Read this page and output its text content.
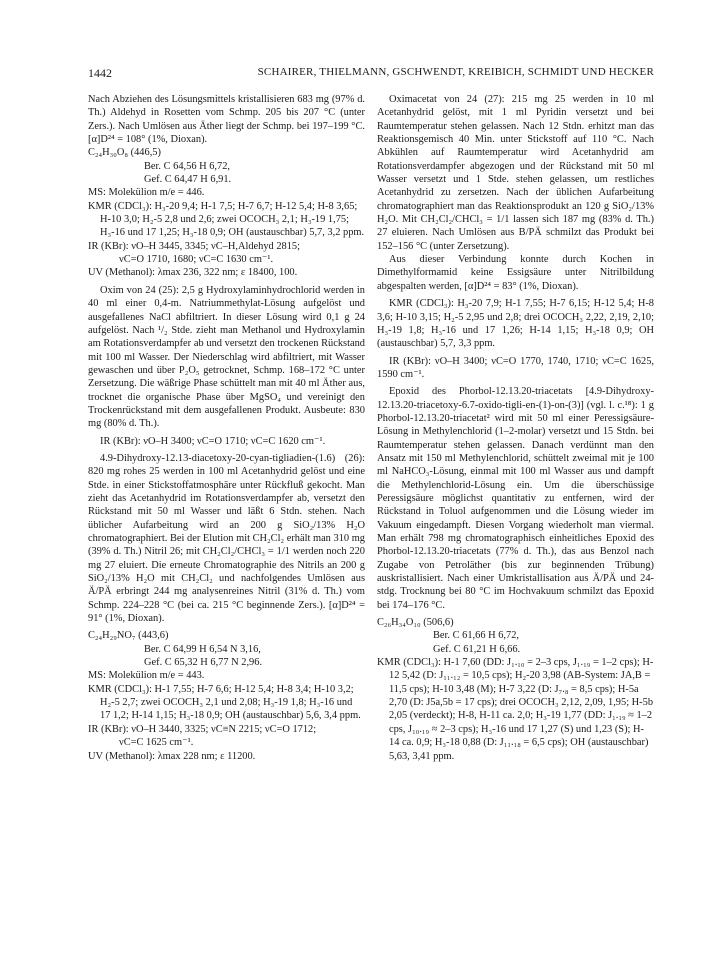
1442	SCHAIRER, THIELMANN, GSCHWENDT, KREIBICH, SCHMIDT UND HECKER

Nach Abziehen des Lösungsmittels kristallisieren 683 mg (97% d. Th.) Aldehyd in Rosetten vom Schmp. 205 bis 207 °C (unter Zers.). Nach Umlösen aus Äther liegt der Schmp. bei 197–199 °C. [α]D²⁴ = 108° (1%, Dioxan).

C₂₄H₃₀O₈ (446,5)

Ber. C 64,56 H 6,72,

Gef. C 64,47 H 6,91.

MS: Molekülion m/e = 446.

KMR (CDCl₃): H₃-20 9,4; H-1 7,5; H-7 6,7; H-12 5,4; H-8 3,65; H-10 3,0; H₂-5 2,8 und 2,6; zwei OCOCH₃ 2,1; H₃-19 1,75; H₃-16 und 17 1,25; H₃-18 0,9; OH (austauschbar) 5,7, 3,2 ppm.

IR (KBr): νO–H 3445, 3345; νC–H,Aldehyd 2815;

νC=O 1710, 1680; νC=C 1630 cm⁻¹.

UV (Methanol): λmax 236, 322 nm; ε 18400, 100.

Oxim von 24 (25): 2,5 g Hydroxylaminhydrochlorid werden in 40 ml einer 0,4-m. Natriummethylat-Lösung aufgelöst und ausgefallenes NaCl abfiltriert. In dieser Lösung wird 0,1 g 24 aufgelöst. Nach ¹/₂ Stde. zieht man Methanol und Hydroxylamin am Rotationsverdampfer ab und versetzt den trockenen Rückstand mit 100 ml Wasser. Der Niederschlag wird abfiltriert, mit Wasser gewaschen und über P₂O₅ getrocknet, Schmp. 168–172 °C unter Zersetzung. Die wäßrige Phase schüttelt man mit 40 ml Äther aus, trocknet die organische Phase über MgSO₄ und vereinigt den Trockenrückstand mit dem ausgefallenen Produkt. Ausbeute: 830 mg (80% d. Th.).

IR (KBr): νO–H 3400; νC=O 1710; νC=C 1620 cm⁻¹.

4.9-Dihydroxy-12.13-diacetoxy-20-cyan-tigliadien-(1.6) (26): 820 mg rohes 25 werden in 100 ml Acetanhydrid gelöst und eine Stde. in einer Stickstoffatmosphäre unter Rückfluß gekocht. Man zieht das Acetanhydrid im Rotationsverdampfer ab, versetzt den Rückstand mit 50 ml Wasser und läßt 6 Stdn. stehen. Nach üblicher Aufarbeitung wird an 200 g SiO₂/13% H₂O chromatographiert. Bei der Elution mit CH₂Cl₂ erhält man 310 mg (39% d. Th.) Nitril 26; mit CH₂Cl₂/CHCl₃ = 1/1 werden noch 220 mg 27 eluiert. Die erneute Chromatographie des Nitrils an 200 g SiO₂/13% H₂O mit CH₂Cl₂ und nachfolgendes Umlösen aus Ä/PÄ erbringt 244 mg analysenreines Nitril (31% d. Th.) vom Schmp. 224–228 °C (bei ca. 215 °C beginnende Zers.). [α]D²⁴ = 91° (1%, Dioxan).

C₂₄H₂₉NO₇ (443,6)

Ber. C 64,99 H 6,54 N 3,16,

Gef. C 65,32 H 6,77 N 2,96.

MS: Molekülion m/e = 443.

KMR (CDCl₃): H-1 7,55; H-7 6,6; H-12 5,4; H-8 3,4; H-10 3,2; H₂-5 2,7; zwei OCOCH₃ 2,1 und 2,08; H₃-19 1,8; H₃-16 und 17 1,2; H-14 1,15; H₃-18 0,9; OH (austauschbar) 5,6, 3,4 ppm.

IR (KBr): νO–H 3440, 3325; νC≡N 2215; νC=O 1712;

νC=C 1625 cm⁻¹.

UV (Methanol): λmax 228 nm; ε 11200.

Oximacetat von 24 (27): 215 mg 25 werden in 10 ml Acetanhydrid gelöst, mit 1 ml Pyridin versetzt und bei Raumtemperatur stehen gelassen. Nach 12 Stdn. erhitzt man das Reaktionsgemisch 40 Min. unter Stickstoff auf 110 °C. Nach Abkühlen auf Raumtemperatur wird Acetanhydrid am Rotationsverdampfer abgezogen und der Rückstand mit 50 ml Wasser versetzt und 1 Stde. stehen gelassen, um restliches Acetanhydrid zu zersetzen. Nach der üblichen Aufarbeitung chromatographiert man das Reaktionsprodukt an 120 g SiO₂/13% H₂O. Mit CH₂Cl₂/CHCl₃ = 1/1 lassen sich 187 mg (83% d. Th.) 27 eluieren. Nach Umlösen aus B/PÄ schmilzt das Produkt bei 152–156 °C (unter Zersetzung).

Aus dieser Verbindung konnte durch Kochen in Dimethylformamid keine Essigsäure unter Nitrilbildung abgespalten werden, [α]D²⁴ = 83° (1%, Dioxan).

KMR (CDCl₃): H₃-20 7,9; H-1 7,55; H-7 6,15; H-12 5,4; H-8 3,6; H-10 3,15; H₂-5 2,95 und 2,8; drei OCOCH₃ 2,22, 2,19, 2,10; H₃-19 1,8; H₃-16 und 17 1,26; H-14 1,15; H₃-18 0,9; OH (austauschbar) 5,7, 3,3 ppm.

IR (KBr): νO–H 3400; νC=O 1770, 1740, 1710; νC=C 1625, 1590 cm⁻¹.

Epoxid des Phorbol-12.13.20-triacetats [4.9-Dihydroxy-12.13.20-triacetoxy-6.7-oxido-tigli-en-(1)-on-(3)] (vgl. l. c.¹⁸): 1 g Phorbol-12.13.20-triacetat² wird mit 50 ml einer Peressigsäure-Lösung in Methylenchlorid (1–2-molar) versetzt und 15 Stdn. bei Raumtemperatur stehen gelassen. Danach verdünnt man den Ansatz mit 150 ml Methylenchlorid, schüttelt zweimal mit je 100 ml NaHCO₃-Lösung, einmal mit 100 ml Wasser aus und dampft die Methylenchlorid-Lösung ein. Um die überschüssige Peressigsäure möglichst quantitativ zu entfernen, wird der Rückstand in Toluol aufgenommen und die Lösung wieder im Vakuum eingedampft. Diesen Vorgang wiederholt man viermal. Man erhält 798 mg chromatographisch einheitliches Epoxid des Phorbol-12.13.20-triacetats (77% d. Th.), das aus Benzol nach Zugabe von Petroläther (bis zur beginnenden Trübung) auskristallisiert. Nach einer Umkristallisation aus Ä/PÄ und 24-stdg. Trocknung bei 80 °C im Hochvakuum schmilzt das Epoxid bei 174–176 °C.

C₂₆H₃₄O₁₀ (506,6)

Ber. C 61,66 H 6,72,

Gef. C 61,21 H 6,66.

KMR (CDCl₃): H-1 7,60 (DD: J₁.₁₀ = 2–3 cps, J₁.₁₉ = 1–2 cps); H-12 5,42 (D: J₁₁.₁₂ = 10,5 cps); H₂-20 3,98 (AB-System: JA,B = 11,5 cps); H-10 3,48 (M); H-7 3,22 (D: J₇.₈ = 8,5 cps); H-5a 2,70 (D: J5a,5b = 17 cps); drei OCOCH₃ 2,12, 2,09, 1,95; H-5b 2,05 (verdeckt); H-8, H-11 ca. 2,0; H₃-19 1,77 (DD: J₁.₁₉ ≈ 1–2 cps, J₁₀.₁₉ ≈ 2–3 cps); H₃-16 und 17 1,27 (S) und 1,23 (S); H-14 ca. 0,9; H₃-18 0,88 (D: J₁₁.₁₈ = 6,5 cps); OH (austauschbar) 5,63, 3,41 ppm.
